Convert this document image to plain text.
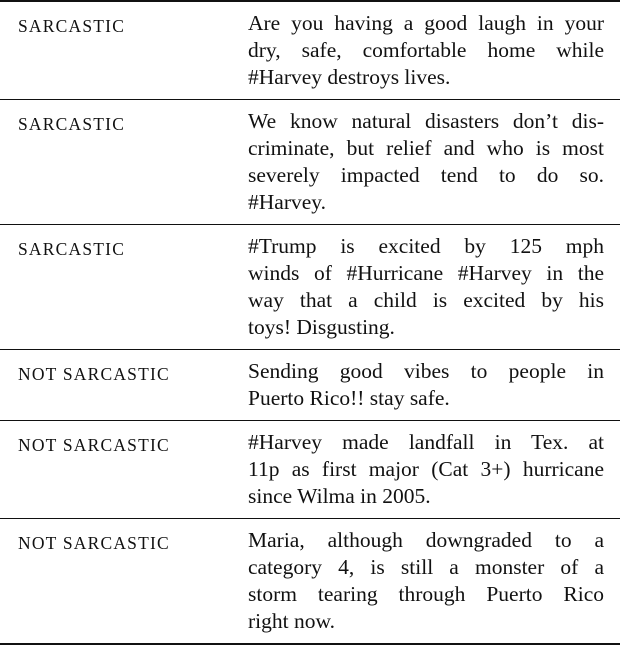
SARCASTIC	Are you having a good laugh in your
dry, safe, comfortable home while
#Harvey destroys lives.
SARCASTIC	We know natural disasters don’t dis-
criminate, but relief and who is most
severely impacted tend to do so.
#Harvey.
SARCASTIC	#Trump is excited by 125 mph
winds of #Hurricane #Harvey in the
way that a child is excited by his
toys! Disgusting.
NOT SARCASTIC	Sending good vibes to people in
Puerto Rico!! stay safe.
NOT SARCASTIC	#Harvey made landfall in Tex. at
11p as first major (Cat 3+) hurricane
since Wilma in 2005.
NOT SARCASTIC	Maria, although downgraded to a
category 4, is still a monster of a
storm tearing through Puerto Rico
right now.
